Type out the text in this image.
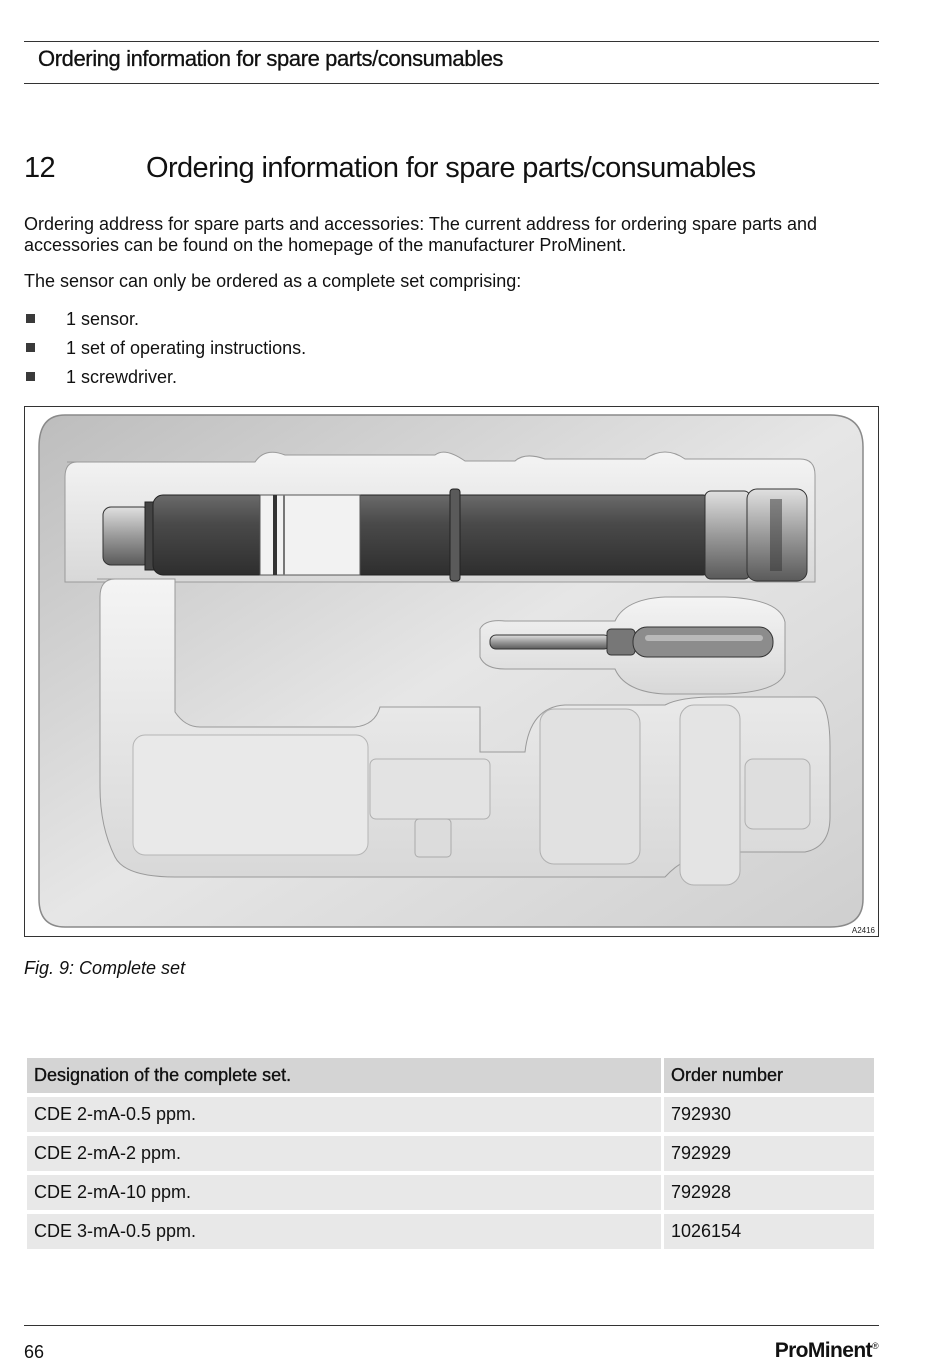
Ordering information for spare parts/consumables
12	Ordering information for spare parts/consumables
Ordering address for spare parts and accessories: The current address for ordering spare parts and accessories can be found on the homepage of the manufacturer ProMinent.
The sensor can only be ordered as a complete set comprising:
1 sensor.
1 set of operating instructions.
1 screwdriver.
A2416
Fig. 9: Complete set
Designation of the complete set.	Order number
CDE 2-mA-0.5 ppm.	792930
CDE 2-mA-2 ppm.	792929
CDE 2-mA-10 ppm.	792928
CDE 3-mA-0.5 ppm.	1026154
66	ProMinent®
